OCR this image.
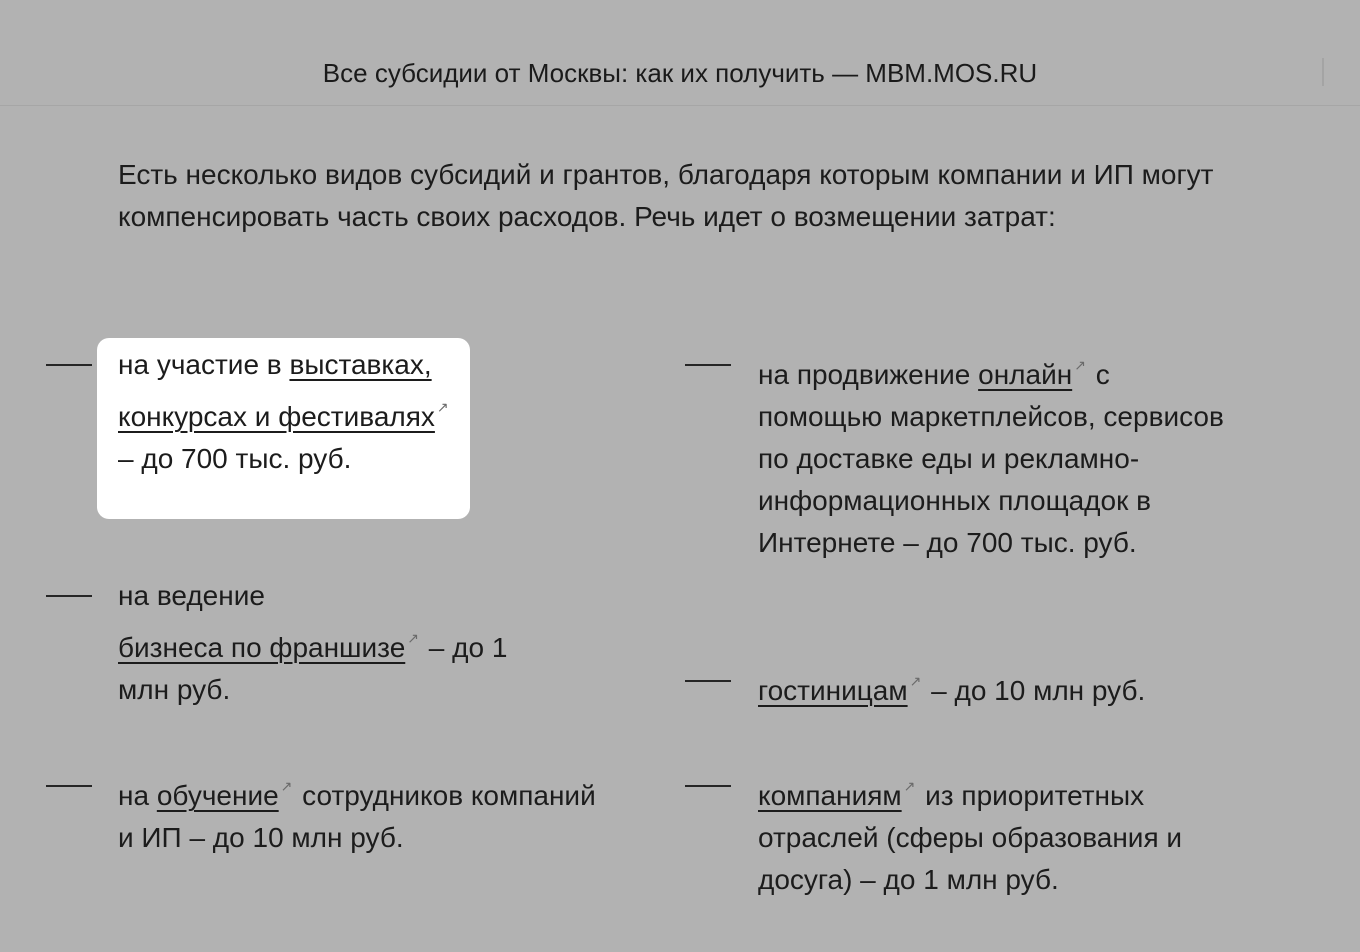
Все субсидии от Москвы: как их получить — MBM.MOS.RU

Есть несколько видов субсидий и грантов, благодаря которым компании и ИП могут компенсировать часть своих расходов. Речь идет о возмещении затрат:

на участие в выставках, конкурсах и фестивалях ↗
– до 700 тыс. руб.

на ведение
бизнеса по франшизе ↗ – до 1 млн руб.

на обучение ↗ сотрудников компаний и ИП – до 10 млн руб.

на продвижение онлайн ↗ с помощью маркетплейсов, сервисов по доставке еды и рекламно-информационных площадок в Интернете – до 700 тыс. руб.

гостиницам ↗ – до 10 млн руб.

компаниям ↗ из приоритетных отраслей (сферы образования и досуга) – до 1 млн руб.
